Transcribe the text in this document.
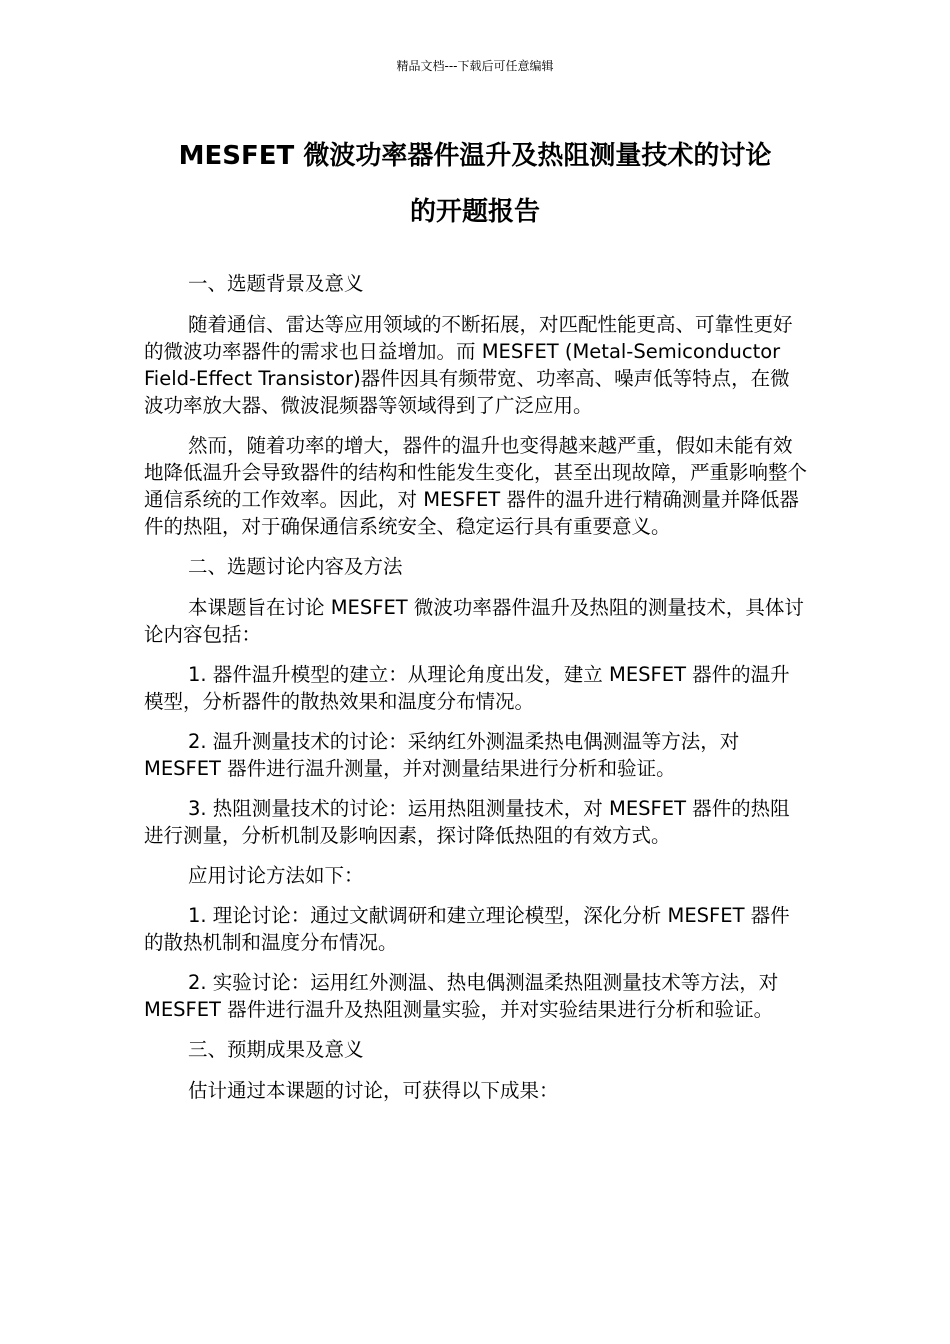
精品文档---下载后可任意编辑
MESFET 微波功率器件温升及热阻测量技术的讨论
的开题报告

一、选题背景及意义

随着通信、雷达等应用领域的不断拓展，对匹配性能更高、可靠性更好的微波功率器件的需求也日益增加。而 MESFET (Metal-Semiconductor Field-Effect Transistor)器件因具有频带宽、功率高、噪声低等特点，在微波功率放大器、微波混频器等领域得到了广泛应用。

然而，随着功率的增大，器件的温升也变得越来越严重，假如未能有效地降低温升会导致器件的结构和性能发生变化，甚至出现故障，严重影响整个通信系统的工作效率。因此，对 MESFET 器件的温升进行精确测量并降低器件的热阻，对于确保通信系统安全、稳定运行具有重要意义。

二、选题讨论内容及方法

本课题旨在讨论 MESFET 微波功率器件温升及热阻的测量技术，具体讨论内容包括：

1. 器件温升模型的建立：从理论角度出发，建立 MESFET 器件的温升模型，分析器件的散热效果和温度分布情况。

2. 温升测量技术的讨论：采纳红外测温柔热电偶测温等方法，对 MESFET 器件进行温升测量，并对测量结果进行分析和验证。

3. 热阻测量技术的讨论：运用热阻测量技术，对 MESFET 器件的热阻进行测量，分析机制及影响因素，探讨降低热阻的有效方式。

应用讨论方法如下：

1. 理论讨论：通过文献调研和建立理论模型，深化分析 MESFET 器件的散热机制和温度分布情况。

2. 实验讨论：运用红外测温、热电偶测温柔热阻测量技术等方法，对 MESFET 器件进行温升及热阻测量实验，并对实验结果进行分析和验证。

三、预期成果及意义

估计通过本课题的讨论，可获得以下成果：
